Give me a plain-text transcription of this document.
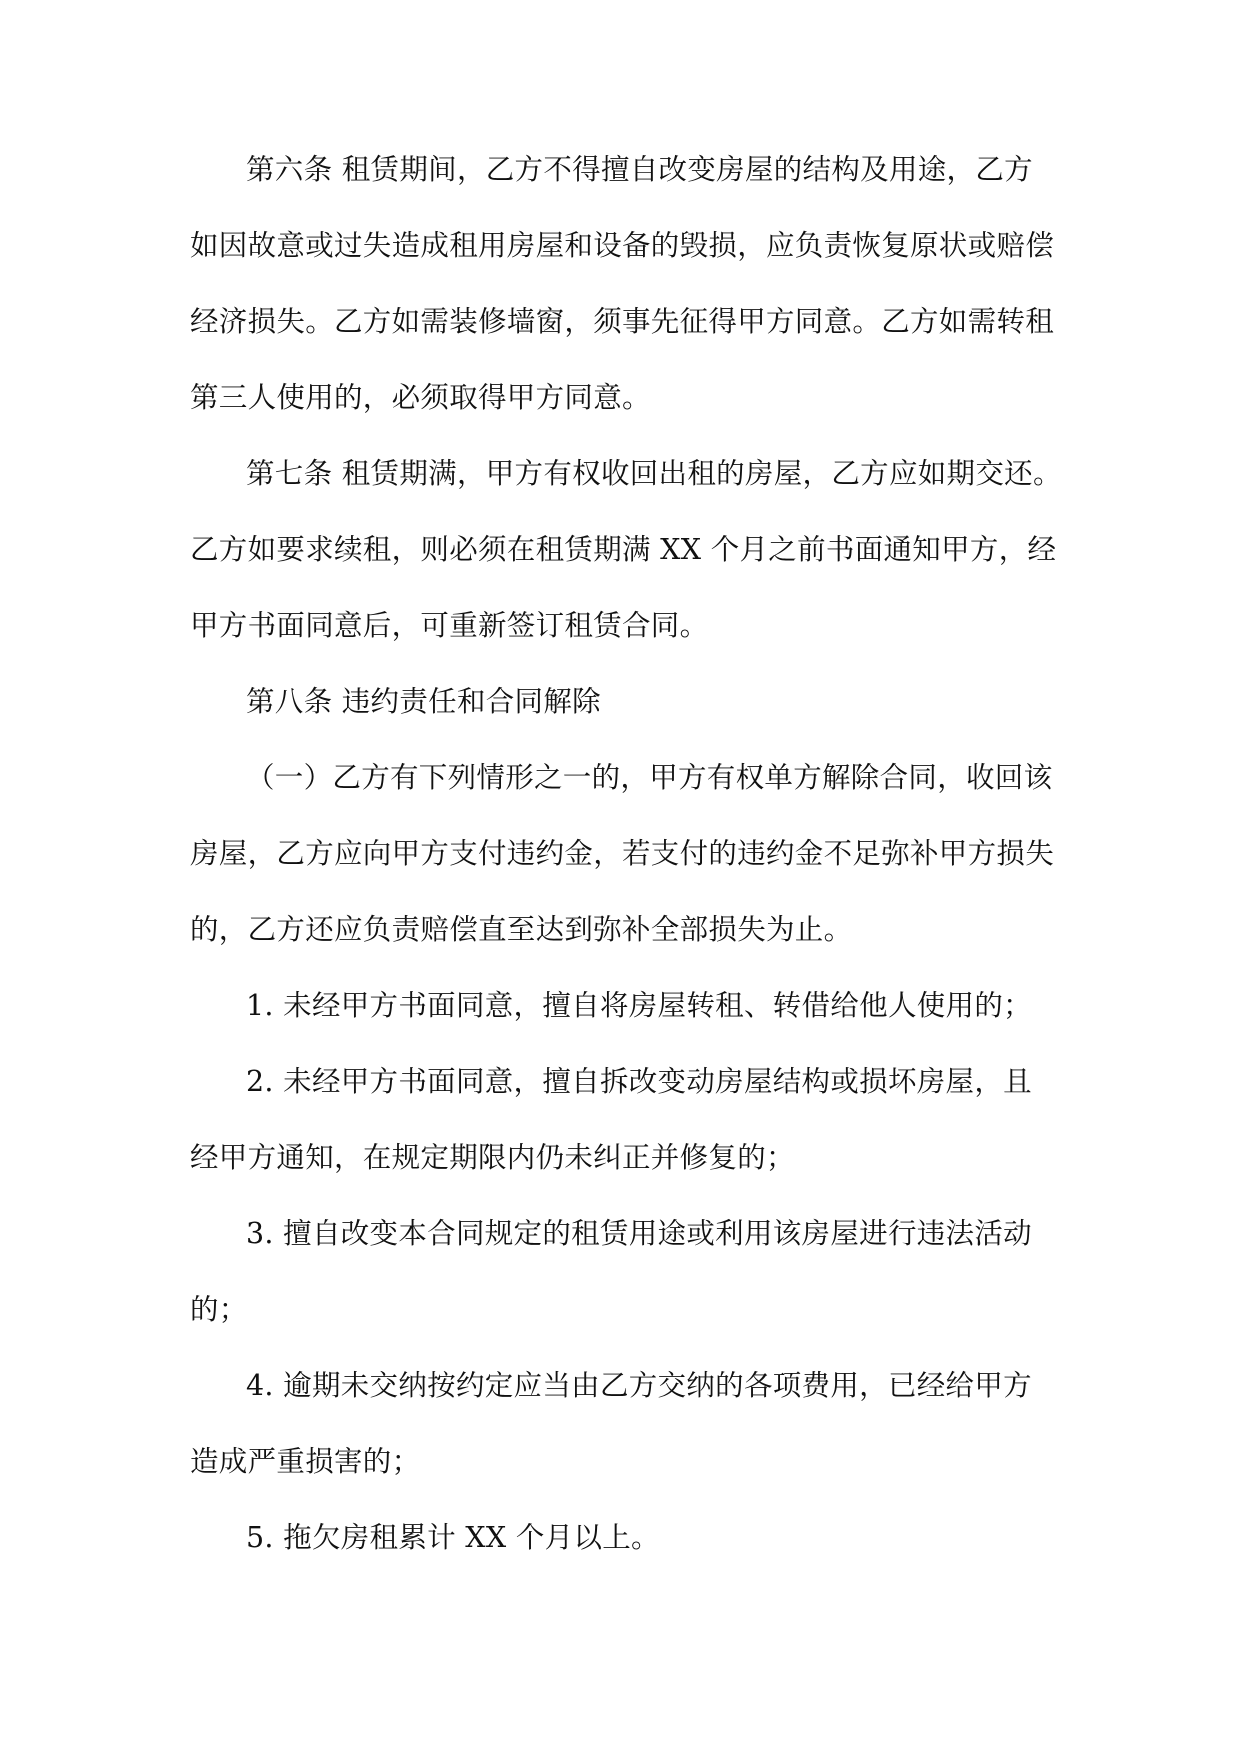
第六条 租赁期间，乙方不得擅自改变房屋的结构及用途，乙方
如因故意或过失造成租用房屋和设备的毁损，应负责恢复原状或赔偿
经济损失。乙方如需装修墙窗，须事先征得甲方同意。乙方如需转租
第三人使用的，必须取得甲方同意。
第七条 租赁期满，甲方有权收回出租的房屋，乙方应如期交还。
乙方如要求续租，则必须在租赁期满 XX 个月之前书面通知甲方，经
甲方书面同意后，可重新签订租赁合同。
第八条 违约责任和合同解除
（一）乙方有下列情形之一的，甲方有权单方解除合同，收回该
房屋，乙方应向甲方支付违约金，若支付的违约金不足弥补甲方损失
的，乙方还应负责赔偿直至达到弥补全部损失为止。
1. 未经甲方书面同意，擅自将房屋转租、转借给他人使用的；
2. 未经甲方书面同意，擅自拆改变动房屋结构或损坏房屋，且
经甲方通知，在规定期限内仍未纠正并修复的；
3. 擅自改变本合同规定的租赁用途或利用该房屋进行违法活动
的；
4. 逾期未交纳按约定应当由乙方交纳的各项费用，已经给甲方
造成严重损害的；
5. 拖欠房租累计 XX 个月以上。
